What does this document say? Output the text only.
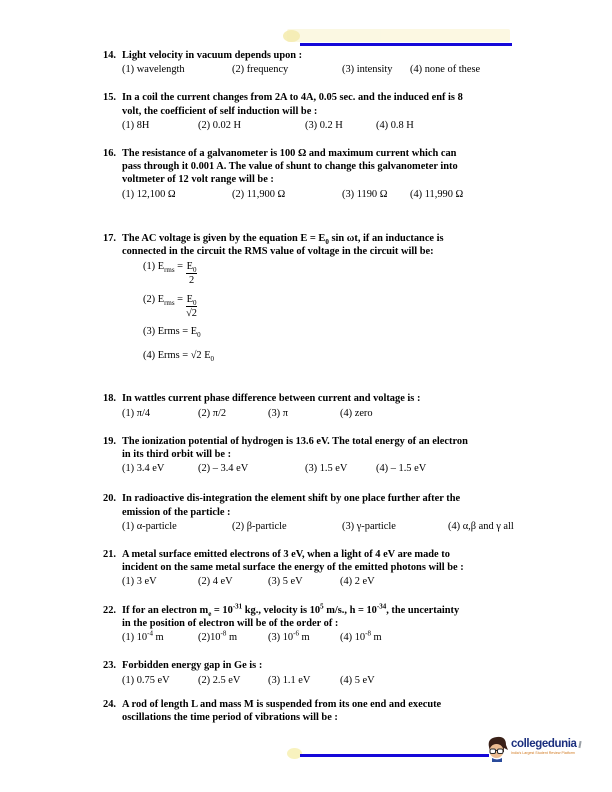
14. Light velocity in vacuum depends upon :
(1) wavelength	(2) frequency	(3) intensity	(4) none of these
15. In a coil the current changes from 2A to 4A, 0.05 sec. and the induced enf is 8
volt, the coefficient of self induction will be :
(1) 8H	(2) 0.02 H	(3) 0.2 H	(4) 0.8 H
16. The resistance of a galvanometer is 100 Ω and maximum current which can
pass through it 0.001 A. The value of shunt to change this galvanometer into
voltmeter of 12 volt range will be :
(1) 12,100 Ω	(2) 11,900 Ω	(3) 1190 Ω	(4) 11,990 Ω
17. The AC voltage is given by the equation $E = E_0$ sin ωt, if an inductance is
connected in the circuit the RMS value of voltage in the circuit will be:
(1) $E_{rms} = \frac{E_0}{2}$
(2) $E_{rms} = \frac{E_0}{√2}$
(3) Erms = $E_0$
(4) Erms = √2 $E_0$
18. In wattles current phase difference between current and voltage is :
(1) π/4	(2) π/2	(3) π	(4) zero
19. The ionization potential of hydrogen is 13.6 eV. The total energy of an electron
in its third orbit will be :
(1) 3.4 eV	(2) – 3.4 eV	(3) 1.5 eV	(4) – 1.5 eV
20. In radioactive dis-integration the element shift by one place further after the
emission of the particle :
(1) α-particle	(2) β-particle	(3) γ-particle	(4) α,β and γ all
21. A metal surface emitted electrons of 3 eV, when a light of 4 eV are made to
incident on the same metal surface the energy of the emitted photons will be :
(1) 3 eV	(2) 4 eV	(3) 5 eV	(4) 2 eV
22. If for an electron $m_e = 10^{-31}$ kg., velocity is $10^5$ m/s., $h = 10^{-34}$, the uncertainty
in the position of electron will be of the order of :
(1) $10^{-4}$ m	$(2)10^{-8}$ m	(3) $10^{-6}$ m	(4) $10^{-8}$ m
23. Forbidden energy gap in Ge is :
(1) 0.75 eV	(2) 2.5 eV	(3) 1.1 eV	(4) 5 eV
24. A rod of length L and mass M is suspended from its one end and execute
oscillations the time period of vibrations will be :
collegedunia
India's Largest Student Review Platform
